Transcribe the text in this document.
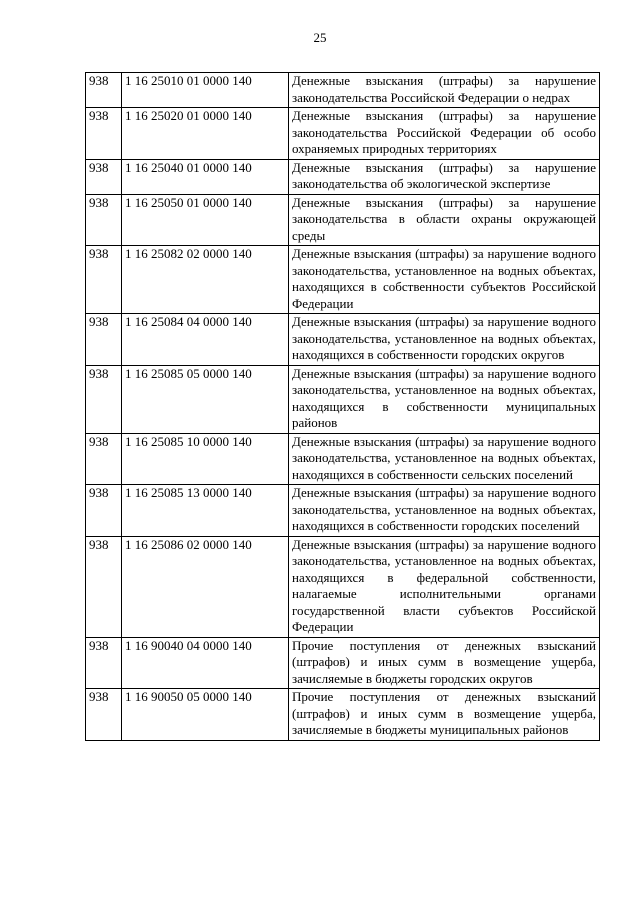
25
938	1 16 25010 01 0000 140	Денежные взыскания (штрафы) за нарушение законодательства Российской Федерации о недрах
938	1 16 25020 01 0000 140	Денежные взыскания (штрафы) за нарушение законодательства Российской Федерации об особо охраняемых природных территориях
938	1 16 25040 01 0000 140	Денежные взыскания (штрафы) за нарушение законодательства об экологической экспертизе
938	1 16 25050 01 0000 140	Денежные взыскания (штрафы) за нарушение законодательства в области охраны окружающей среды
938	1 16 25082 02 0000 140	Денежные взыскания (штрафы) за нарушение водного законодательства, установленное на водных объектах, находящихся в собственности субъектов Российской Федерации
938	1 16 25084 04 0000 140	Денежные взыскания (штрафы) за нарушение водного законодательства, установленное на водных объектах, находящихся в собственности городских округов
938	1 16 25085 05 0000 140	Денежные взыскания (штрафы) за нарушение водного законодательства, установленное на водных объектах, находящихся в собственности муниципальных районов
938	1 16 25085 10 0000 140	Денежные взыскания (штрафы) за нарушение водного законодательства, установленное на водных объектах, находящихся в собственности сельских поселений
938	1 16 25085 13 0000 140	Денежные взыскания (штрафы) за нарушение водного законодательства, установленное на водных объектах, находящихся в собственности городских поселений
938	1 16 25086 02 0000 140	Денежные взыскания (штрафы) за нарушение водного законодательства, установленное на водных объектах, находящихся в федеральной собственности, налагаемые исполнительными органами государственной власти субъектов Российской Федерации
938	1 16 90040 04 0000 140	Прочие поступления от денежных взысканий (штрафов) и иных сумм в возмещение ущерба, зачисляемые в бюджеты городских округов
938	1 16 90050 05 0000 140	Прочие поступления от денежных взысканий (штрафов) и иных сумм в возмещение ущерба, зачисляемые в бюджеты муниципальных районов
